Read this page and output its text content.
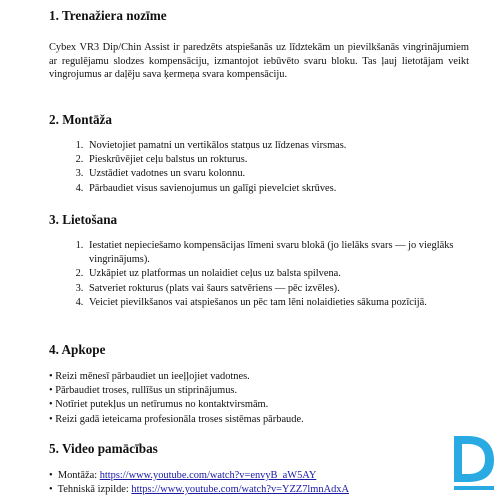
1. Trenažiera nozīme

Cybex VR3 Dip/Chin Assist ir paredzēts atspiešanās uz līdztekām un pievilkšanās vingrinājumiem ar regulējamu slodzes kompensāciju, izmantojot iebūvēto svaru bloku. Tas ļauj lietotājam veikt vingrojumus ar daļēju sava ķermeņa svara kompensāciju.

2. Montāža
1. Novietojiet pamatni un vertikālos statņus uz līdzenas virsmas.
2. Pieskrūvējiet ceļu balstus un rokturus.
3. Uzstādiet vadotnes un svaru kolonnu.
4. Pārbaudiet visus savienojumus un galīgi pievelciet skrūves.
3. Lietošana
1. Iestatiet nepieciešamo kompensācijas līmeni svaru blokā (jo lielāks svars — jo vieglāks vingrinājums).
2. Uzkāpiet uz platformas un nolaidiet ceļus uz balsta spilvena.
3. Satveriet rokturus (plats vai šaurs satvēriens — pēc izvēles).
4. Veiciet pievilkšanos vai atspiešanos un pēc tam lēni nolaidieties sākuma pozīcijā.
4. Apkope
• Reizi mēnesī pārbaudiet un ieeļļojiet vadotnes.
• Pārbaudiet troses, rullīšus un stiprinājumus.
• Notīriet putekļus un netīrumus no kontaktvirsmām.
• Reizi gadā ieteicama profesionāla troses sistēmas pārbaude.
5. Video pamācības
• Montāža: https://www.youtube.com/watch?v=envyB_aW5AY
• Tehniskā izpilde: https://www.youtube.com/watch?v=YZZ7lmnAdxA
